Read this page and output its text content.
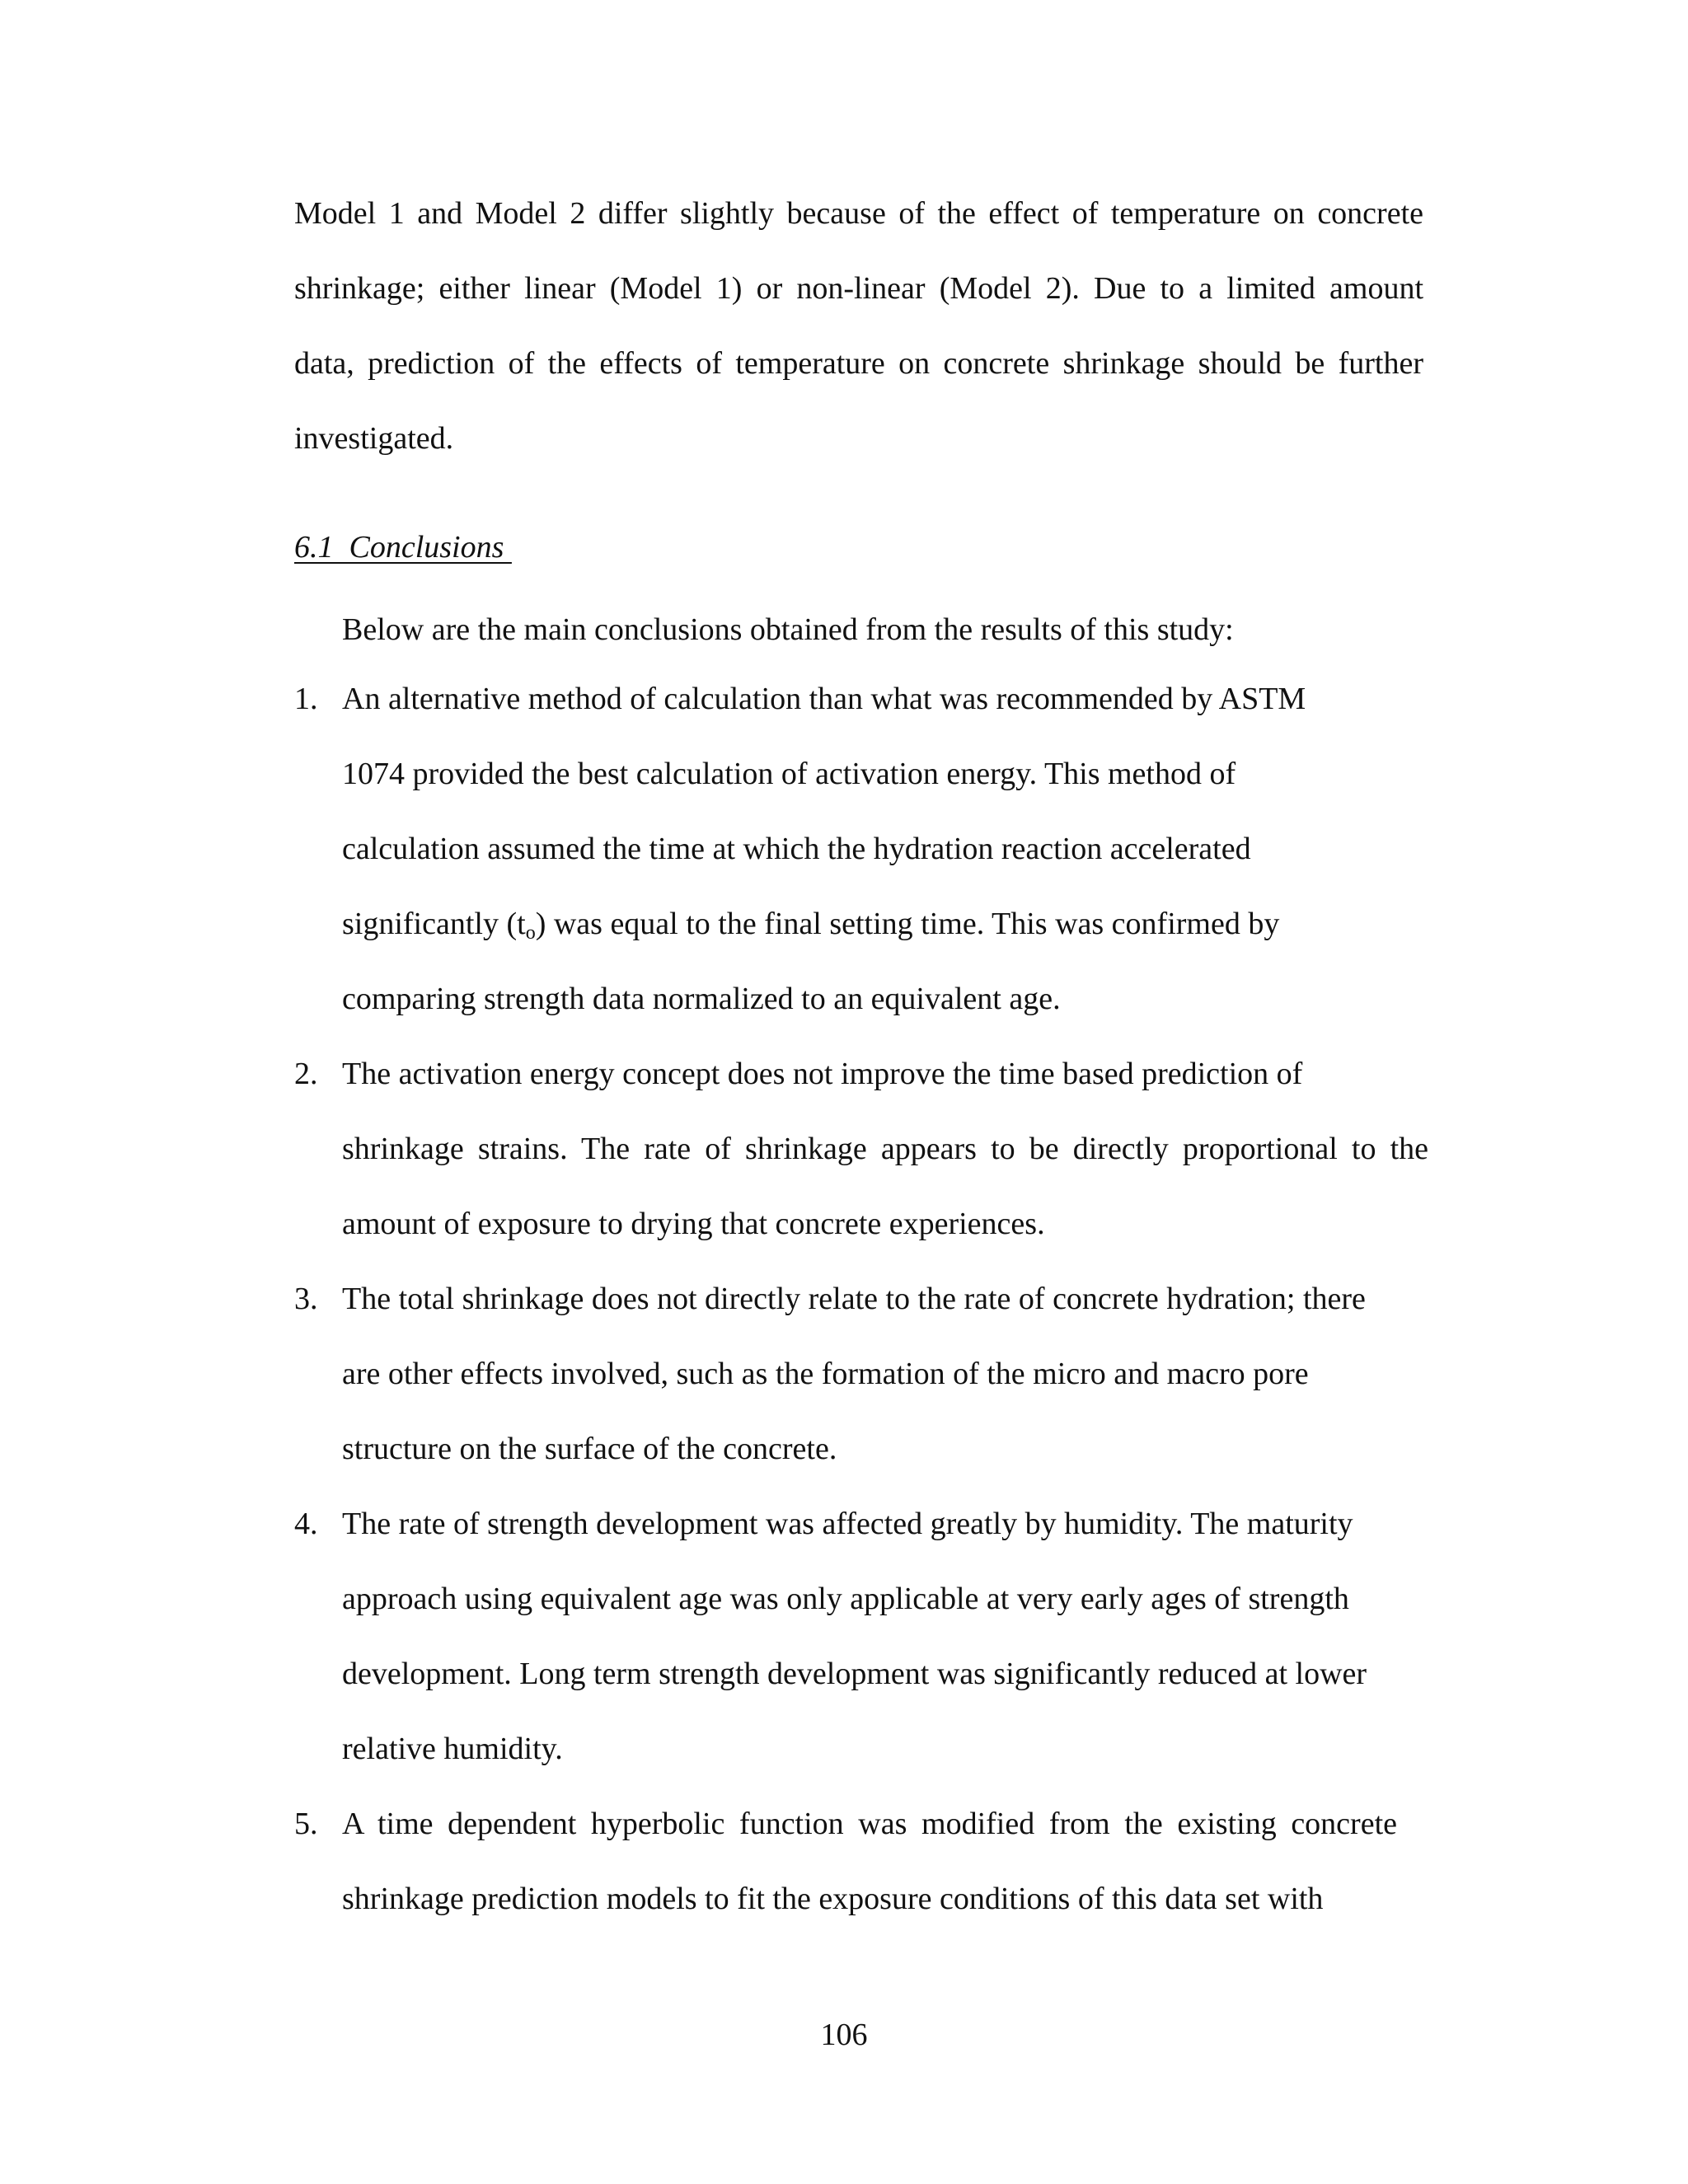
Model 1 and Model 2 differ slightly because of the effect of temperature on concrete
shrinkage; either linear (Model 1) or non-linear (Model 2). Due to a limited amount
data, prediction of the effects of temperature on concrete shrinkage should be further
investigated.
6.1  Conclusions
Below are the main conclusions obtained from the results of this study:
1. An alternative method of calculation than what was recommended by ASTM
1074 provided the best calculation of activation energy. This method of
calculation assumed the time at which the hydration reaction accelerated
significantly $(t_o)$ was equal to the final setting time. This was confirmed by
comparing strength data normalized to an equivalent age.
2. The activation energy concept does not improve the time based prediction of
shrinkage strains. The rate of shrinkage appears to be directly proportional to the
amount of exposure to drying that concrete experiences.
3. The total shrinkage does not directly relate to the rate of concrete hydration; there
are other effects involved, such as the formation of the micro and macro pore
structure on the surface of the concrete.
4. The rate of strength development was affected greatly by humidity. The maturity
approach using equivalent age was only applicable at very early ages of strength
development. Long term strength development was significantly reduced at lower
relative humidity.
5. A time dependent hyperbolic function was modified from the existing concrete
shrinkage prediction models to fit the exposure conditions of this data set with
106
